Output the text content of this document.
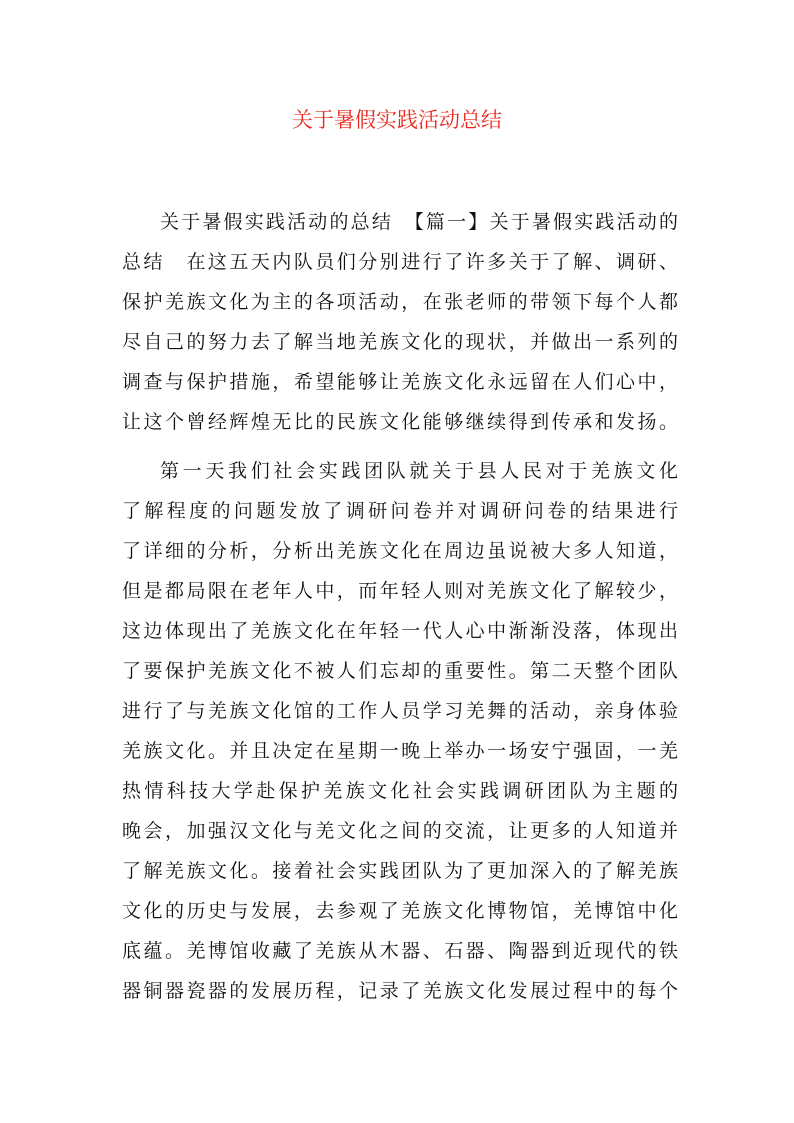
关于暑假实践活动总结

关于暑假实践活动的总结　【篇一】关于暑假实践活动的

总结　在这五天内队员们分别进行了许多关于了解、调研、

保护羌族文化为主的各项活动，在张老师的带领下每个人都

尽自己的努力去了解当地羌族文化的现状，并做出一系列的

调查与保护措施，希望能够让羌族文化永远留在人们心中，

让这个曾经辉煌无比的民族文化能够继续得到传承和发扬。

第一天我们社会实践团队就关于县人民对于羌族文化

了解程度的问题发放了调研问卷并对调研问卷的结果进行

了详细的分析，分析出羌族文化在周边虽说被大多人知道，

但是都局限在老年人中，而年轻人则对羌族文化了解较少，

这边体现出了羌族文化在年轻一代人心中渐渐没落，体现出

了要保护羌族文化不被人们忘却的重要性。第二天整个团队

进行了与羌族文化馆的工作人员学习羌舞的活动，亲身体验

羌族文化。并且决定在星期一晚上举办一场安宁强固，一羌

热情科技大学赴保护羌族文化社会实践调研团队为主题的

晚会，加强汉文化与羌文化之间的交流，让更多的人知道并

了解羌族文化。接着社会实践团队为了更加深入的了解羌族

文化的历史与发展，去参观了羌族文化博物馆，羌博馆中化

底蕴。羌博馆收藏了羌族从木器、石器、陶器到近现代的铁

器铜器瓷器的发展历程，记录了羌族文化发展过程中的每个
